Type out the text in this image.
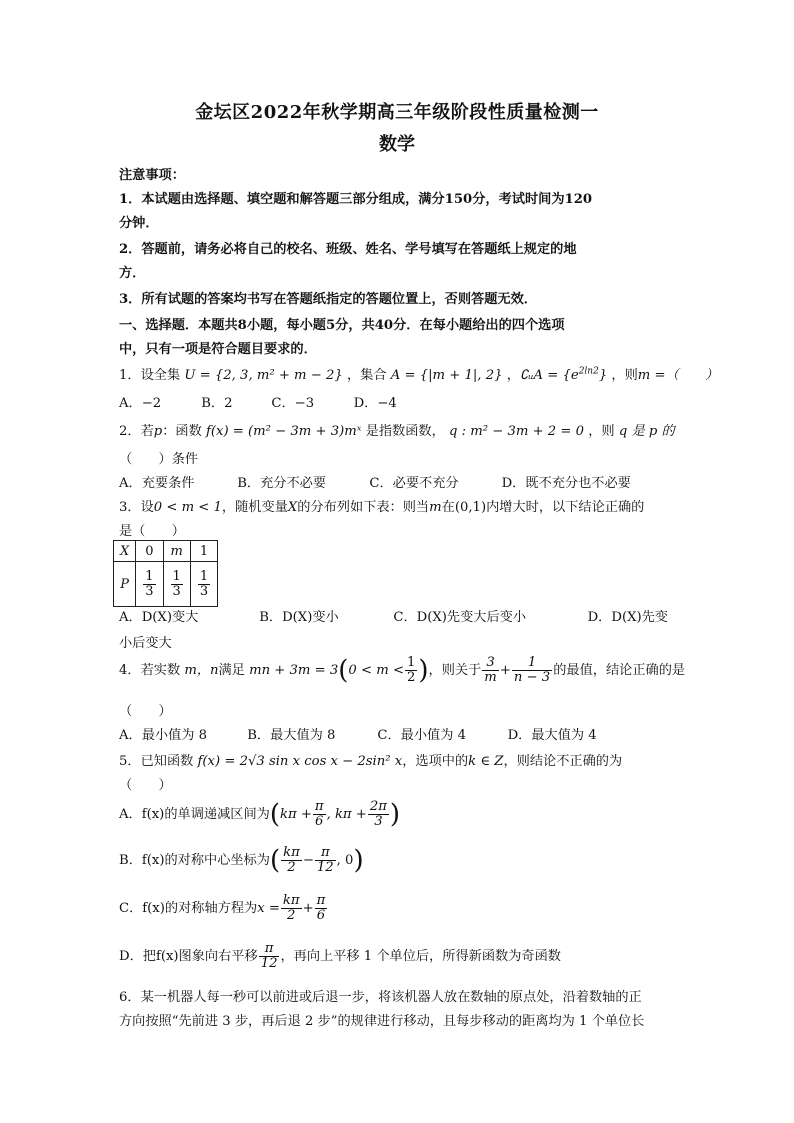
金坛区2022年秋学期高三年级阶段性质量检测一
数学
注意事项：
1．本试题由选择题、填空题和解答题三部分组成，满分150分，考试时间为120
分钟．
2．答题前，请务必将自己的校名、班级、姓名、学号填写在答题纸上规定的地
方．
3．所有试题的答案均书写在答题纸指定的答题位置上，否则答题无效．
一、选择题．本题共8小题，每小题5分，共40分．在每小题给出的四个选项
中，只有一项是符合题目要求的．
1．设全集 U = {2, 3, m² + m − 2} ，集合 A = {|m + 1|, 2} ，∁ᵤA = $\{e^{2ln2}\}$ ，则m =（　　）
A．−2	B．2	C．−3	D．−4
2．若p：函数 f(x) = (m² − 3m + 3)mˣ 是指数函数， q : m² − 3m + 2 = 0 ，则 q 是 p 的
（　　）条件
A．充要条件	B．充分不必要	C．必要不充分	D．既不充分也不必要
3．设0 < m < 1，随机变量X的分布列如下表：则当m在(0,1)内增大时，以下结论正确的
是（　　）
X	0	m	1
P	$\frac{1}{3}$	$\frac{1}{3}$	$\frac{1}{3}$
A．D(X)变大	B．D(X)变小	C．D(X)先变大后变小	D．D(X)先变
小后变大
4．若实数 m，n满足 mn + $3m = 3(0 < m < \frac{1}{2}$ )，则关于 $\frac{3}{m} + \frac{1}{n - 3}$ 的最值，结论正确的是
（　　）
A．最小值为 8	B．最大值为 8	C．最小值为 4	D．最大值为 4
5．已知函数 f(x) = 2√3 sin x cos x − 2sin² x，选项中的k ∈ Z，则结论不正确的为
（　　）
A．f(x)的单调递减区间为($k\pi + \frac{\pi}{6}$ , $k\pi + \frac{2\pi}{3}$ )
B．f(x)的对称中心坐标为( $\frac{k\pi}{2} - \frac{\pi}{12}$ , 0)
C．f(x)的对称轴方程为$x = \frac{k\pi}{2} + \frac{\pi}{6}$
D．把f(x)图象向右平移 $\frac{\pi}{12}$ ，再向上平移 1 个单位后，所得新函数为奇函数
6．某一机器人每一秒可以前进或后退一步，将该机器人放在数轴的原点处，沿着数轴的正
方向按照“先前进 3 步，再后退 2 步”的规律进行移动，且每步移动的距离均为 1 个单位长
